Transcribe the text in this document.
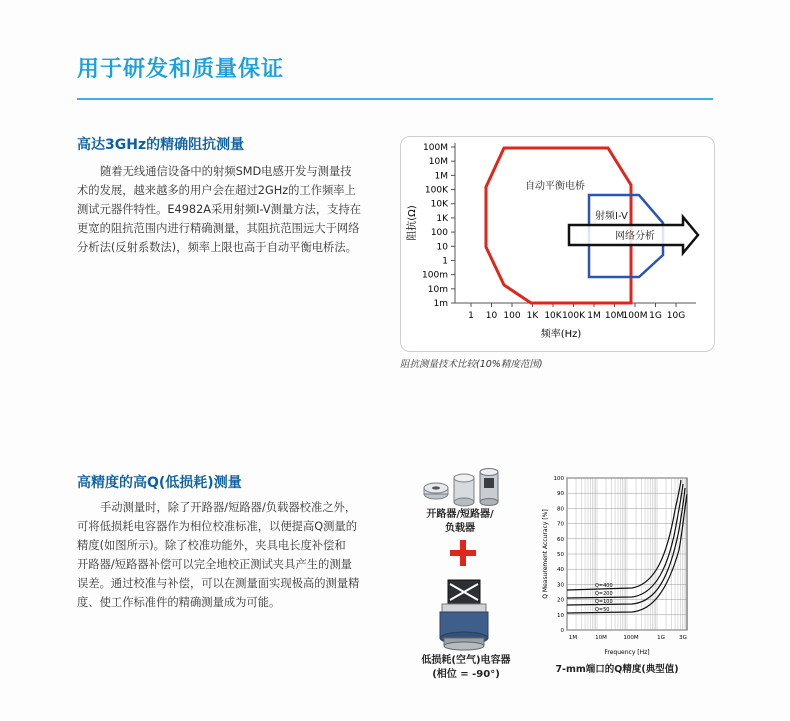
用于研发和质量保证
高达3GHz的精确阻抗测量
随着无线通信设备中的射频SMD电感开发与测量技
术的发展，越来越多的用户会在超过2GHz的工作频率上
测试元器件特性。E4982A采用射频I-V测量方法，支持在
更宽的阻抗范围内进行精确测量，其阻抗范围远大于网络
分析法(反射系数法)，频率上限也高于自动平衡电桥法。
100M
10M
1M
100K
10K
1K
100
10
1
100m
10m
1m
1 10 100 1K 10K 100K 1M 10M
100M 1G 10G
阻抗(Ω)
频率(Hz)
自动平衡电桥
射频I-V
网络分析
阻抗测量技术比较(10%精度范围)
高精度的高Q(低损耗)测量
手动测量时，除了开路器/短路器/负载器校准之外，
可将低损耗电容器作为相位校准标准，以便提高Q测量的
精度(如图所示)。除了校准功能外，夹具电长度补偿和
开路器/短路器补偿可以完全地校正测试夹具产生的测量
误差。通过校准与补偿，可以在测量面实现极高的测量精
度、使工作标准件的精确测量成为可能。
开路器/短路器/
负载器
低损耗(空气)电容器
(相位 = -90°)
100
90
80
70
60
50
40
30
20
10
0
1M	10M	100M	1G	3G
Q Measurement Accuracy [%]
Frequency [Hz]
Q=400
Q=200
Q=100
Q=50
7-mm端口的Q精度(典型值)
